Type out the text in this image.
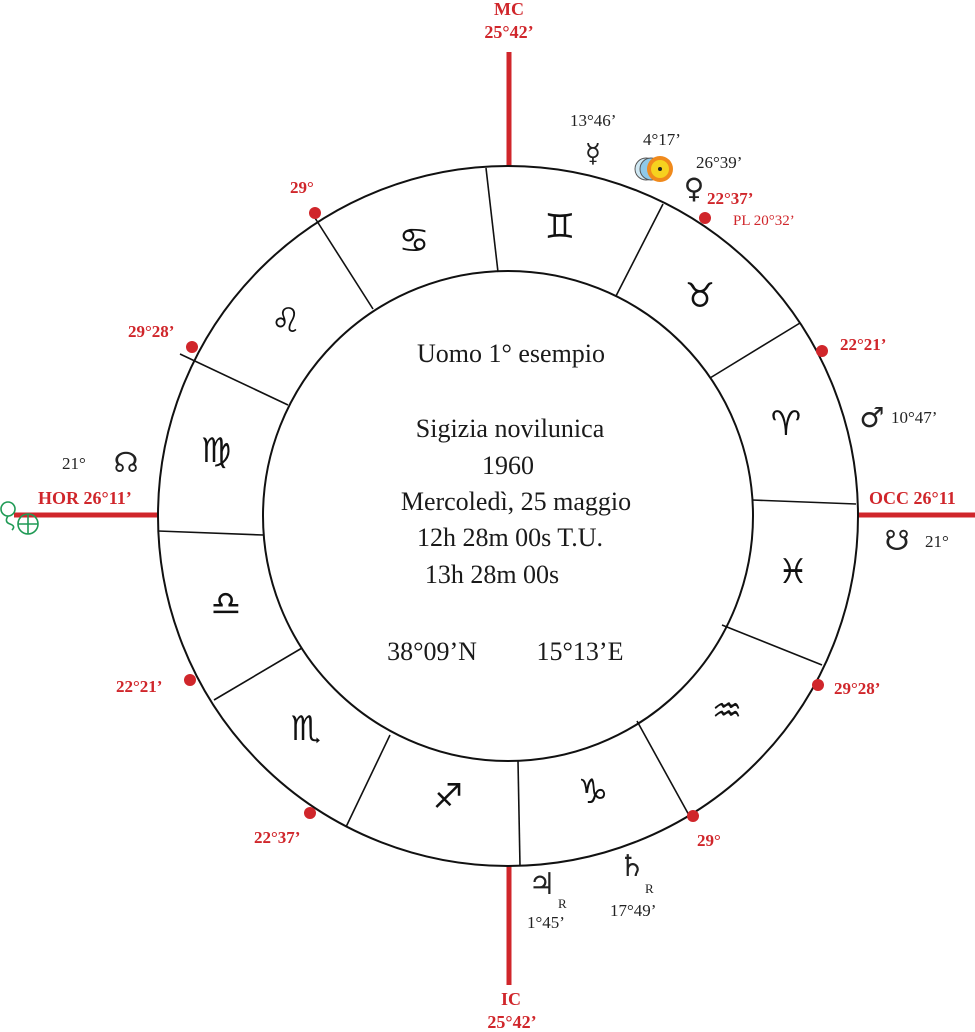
♊
♉
♈
♓
♒
♑
♐
♏
♎
♍
♌
♋
Uomo 1° esempio
Sigizia novilunica
1960
Mercoledì, 25 maggio
12h 28m 00s T.U.
13h 28m 00s
38°09’N 15°13’E
MC
25°42’
IC
25°42’
HOR 26°11’	OCC 26°11
22°37’
22°21’
29°28’
29°
22°37’
22°21’
29°28’
29°
PL 20°32’
13°46’
☿ 4°17’
26°39’
♀
♂ 10°47’
21° ☊
☋ 21°
♃
R
1°45’
♄
R
17°49’
